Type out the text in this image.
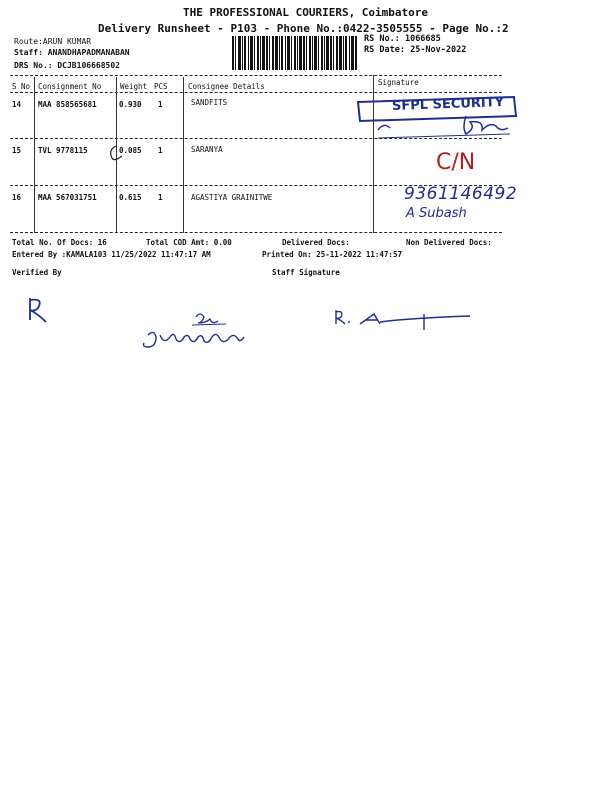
THE PROFESSIONAL COURIERS, Coimbatore
Delivery Runsheet - P103 - Phone No.:0422-3505555 - Page No.:2
Route:ARUN KUMAR
Staff: ANANDHAPADMANABAN
DRS No.: DCJB106668502
RS No.: 1066685
RS Date: 25-Nov-2022
S No Consignment No	Weight PCS	Consignee Details	Signature
14 MAA 858565681	0.930 1	SANDFITS
15 TVL 9778115	0.085 1	SARANYA
16 MAA 567031751	0.615 1	AGASTIYA GRAINITWE
SFPL SECURITY
C/N
9361146492
A Subash
Total No. Of Docs: 16	Total COD Amt: 0.00	Delivered Docs:	Non Delivered Docs:
Entered By :KAMALA103 11/25/2022 11:47:17 AM	Printed On: 25-11-2022 11:47:57
Verified By	Staff Signature
